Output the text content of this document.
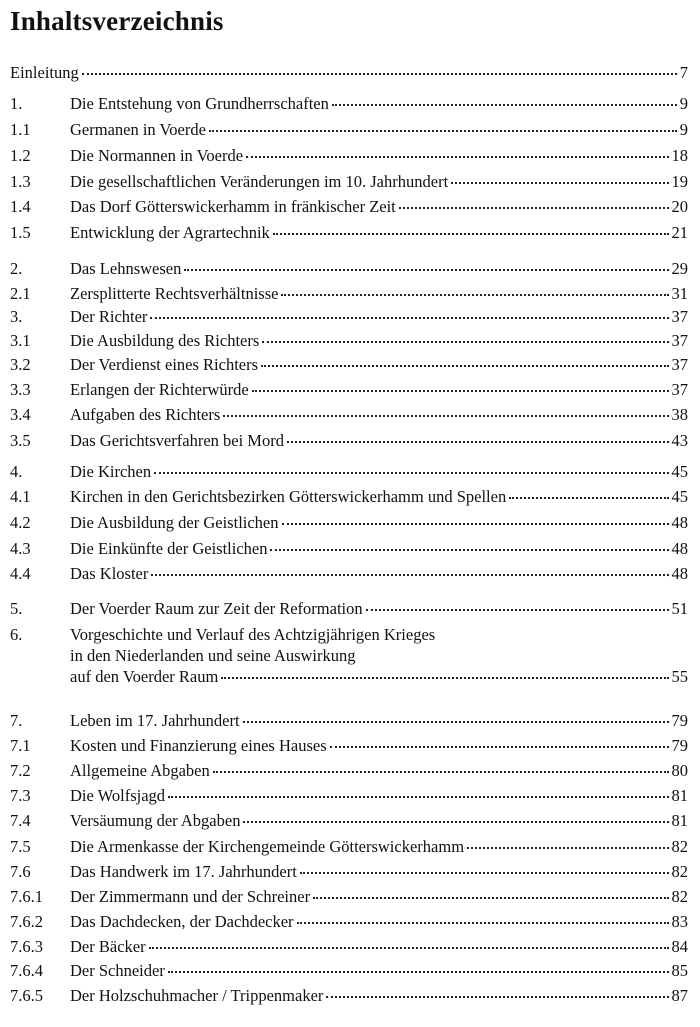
Inhaltsverzeichnis
Einleitung	7
1.	Die Entstehung von Grundherrschaften	9
1.1 Germanen in Voerde	9
1.2 Die Normannen in Voerde	18
1.3 Die gesellschaftlichen Veränderungen im 10. Jahrhundert	19
1.4 Das Dorf Götterswickerhamm in fränkischer Zeit	20
1.5 Entwicklung der Agrartechnik	21
2.	Das Lehnswesen	29
2.1 Zersplitterte Rechtsverhältnisse	31
3.	Der Richter	37
3.1 Die Ausbildung des Richters	37
3.2 Der Verdienst eines Richters	37
3.3 Erlangen der Richterwürde	37
3.4 Aufgaben des Richters	38
3.5 Das Gerichtsverfahren bei Mord	43
4.	Die Kirchen	45
4.1 Kirchen in den Gerichtsbezirken Götterswickerhamm und Spellen	45
4.2 Die Ausbildung der Geistlichen	48
4.3 Die Einkünfte der Geistlichen	48
4.4 Das Kloster	48
5.	Der Voerder Raum zur Zeit der Reformation	51
6.	Vorgeschichte und Verlauf des Achtzigjährigen Krieges
in den Niederlanden und seine Auswirkung
auf den Voerder Raum	55
7.	Leben im 17. Jahrhundert	79
7.1 Kosten und Finanzierung eines Hauses	79
7.2 Allgemeine Abgaben	80
7.3 Die Wolfsjagd	81
7.4 Versäumung der Abgaben	81
7.5 Die Armenkasse der Kirchengemeinde Götterswickerhamm	82
7.6 Das Handwerk im 17. Jahrhundert	82
7.6.1 Der Zimmermann und der Schreiner	82
7.6.2 Das Dachdecken, der Dachdecker	83
7.6.3 Der Bäcker	84
7.6.4 Der Schneider	85
7.6.5 Der Holzschuhmacher / Trippenmaker	87
